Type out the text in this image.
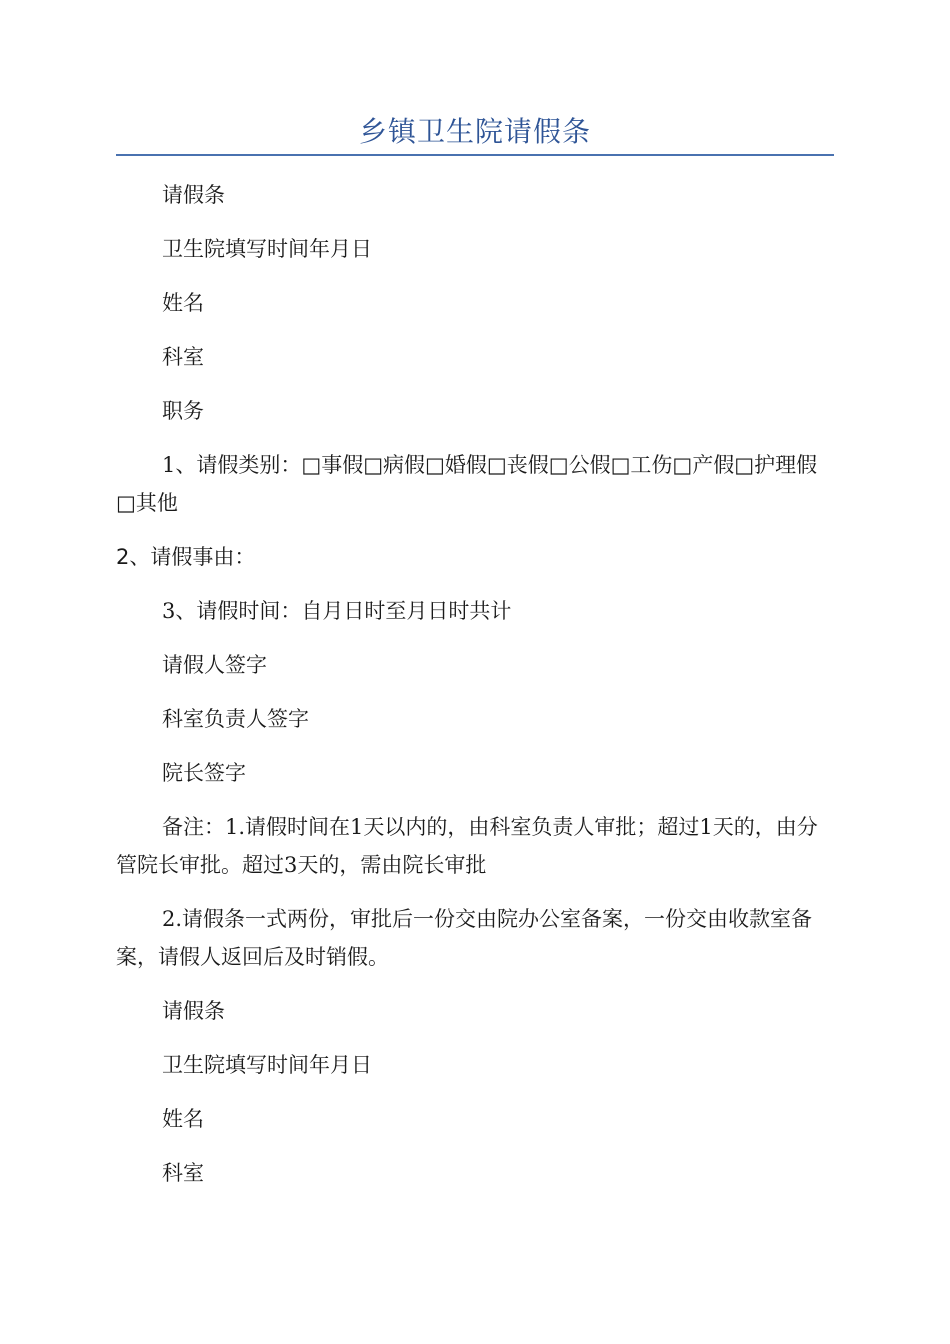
乡镇卫生院请假条

请假条

卫生院填写时间年月日

姓名

科室

职务

1、请假类别：□事假□病假□婚假□丧假□公假□工伤□产假□护理假□其他

2、请假事由：

3、请假时间：自月日时至月日时共计

请假人签字

科室负责人签字

院长签字

备注：1.请假时间在1天以内的，由科室负责人审批；超过1天的，由分管院长审批。超过3天的，需由院长审批

2.请假条一式两份，审批后一份交由院办公室备案，一份交由收款室备案，请假人返回后及时销假。

请假条

卫生院填写时间年月日

姓名

科室
